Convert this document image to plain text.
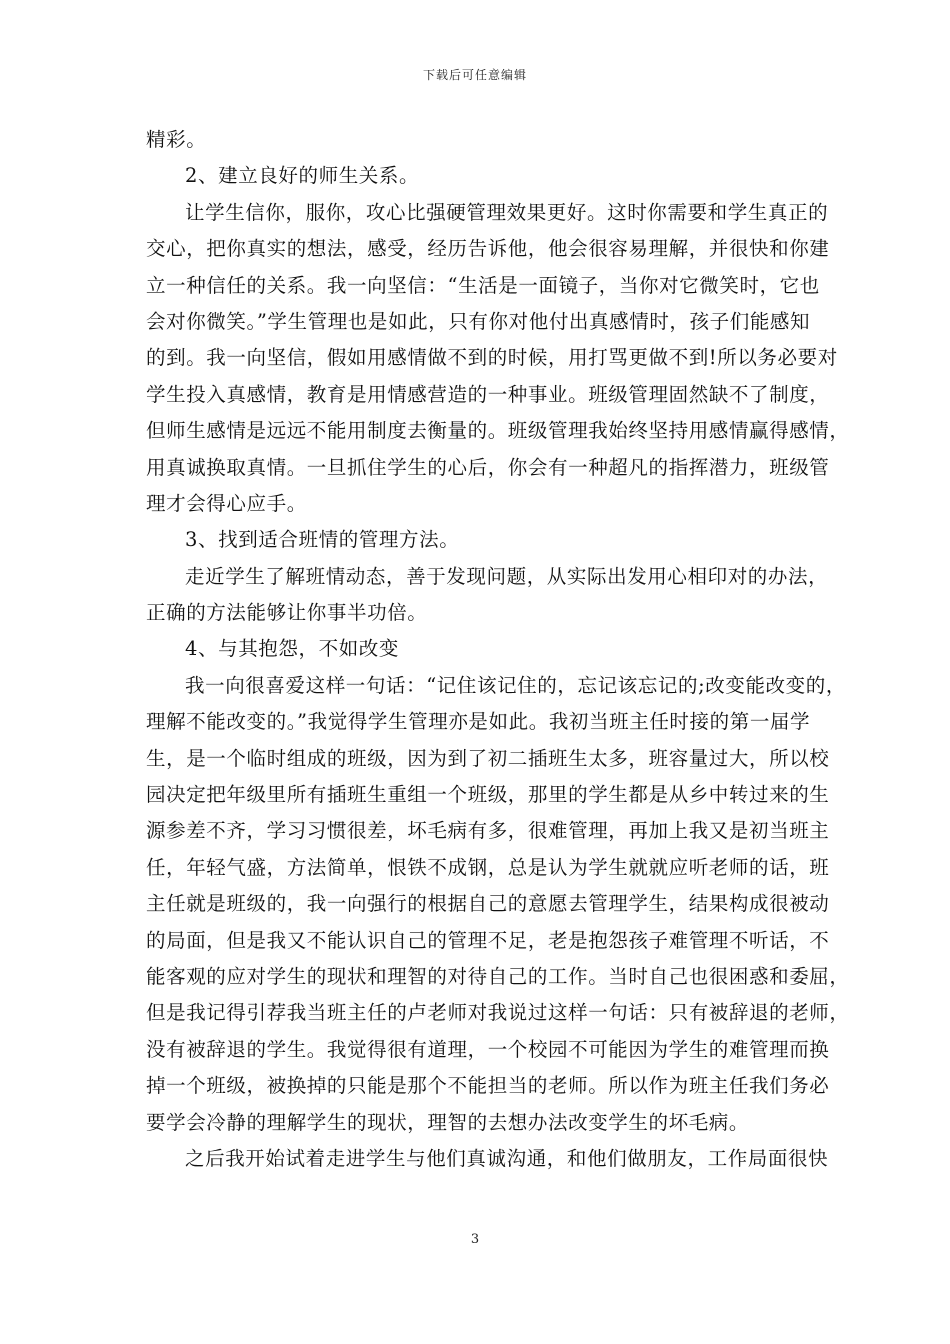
下载后可任意编辑
精彩。
2、建立良好的师生关系。
让学生信你，服你，攻心比强硬管理效果更好。这时你需要和学生真正的
交心，把你真实的想法，感受，经历告诉他，他会很容易理解，并很快和你建
立一种信任的关系。我一向坚信：“生活是一面镜子，当你对它微笑时，它也
会对你微笑。”学生管理也是如此，只有你对他付出真感情时，孩子们能感知
的到。我一向坚信，假如用感情做不到的时候，用打骂更做不到!所以务必要对
学生投入真感情，教育是用情感营造的一种事业。班级管理固然缺不了制度，
但师生感情是远远不能用制度去衡量的。班级管理我始终坚持用感情赢得感情，
用真诚换取真情。一旦抓住学生的心后，你会有一种超凡的指挥潜力，班级管
理才会得心应手。
3、找到适合班情的管理方法。
走近学生了解班情动态，善于发现问题，从实际出发用心相印对的办法，
正确的方法能够让你事半功倍。
4、与其抱怨，不如改变
我一向很喜爱这样一句话：“记住该记住的，忘记该忘记的;改变能改变的，
理解不能改变的。”我觉得学生管理亦是如此。我初当班主任时接的第一届学
生，是一个临时组成的班级，因为到了初二插班生太多，班容量过大，所以校
园决定把年级里所有插班生重组一个班级，那里的学生都是从乡中转过来的生
源参差不齐，学习习惯很差，坏毛病有多，很难管理，再加上我又是初当班主
任，年轻气盛，方法简单，恨铁不成钢，总是认为学生就就应听老师的话，班
主任就是班级的，我一向强行的根据自己的意愿去管理学生，结果构成很被动
的局面，但是我又不能认识自己的管理不足，老是抱怨孩子难管理不听话，不
能客观的应对学生的现状和理智的对待自己的工作。当时自己也很困惑和委屈，
但是我记得引荐我当班主任的卢老师对我说过这样一句话：只有被辞退的老师，
没有被辞退的学生。我觉得很有道理，一个校园不可能因为学生的难管理而换
掉一个班级，被换掉的只能是那个不能担当的老师。所以作为班主任我们务必
要学会冷静的理解学生的现状，理智的去想办法改变学生的坏毛病。
之后我开始试着走进学生与他们真诚沟通，和他们做朋友，工作局面很快
3
